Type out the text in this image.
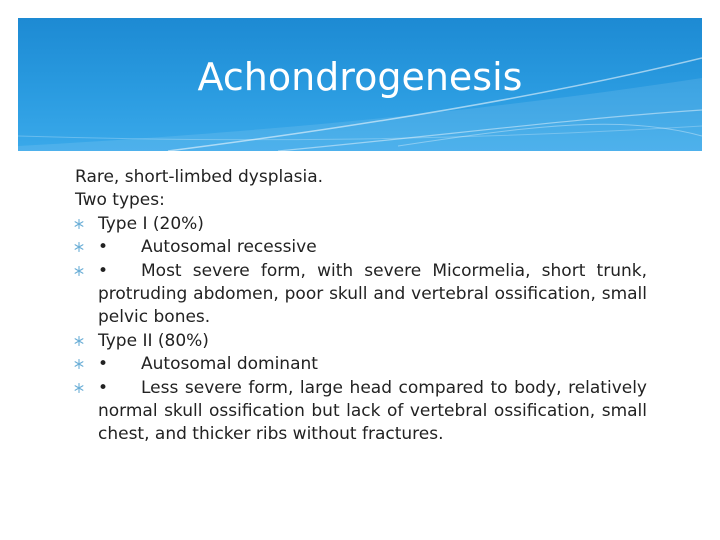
Achondrogenesis
Rare, short-limbed dysplasia.
Two types:
Type I (20%)
• Autosomal recessive
• Most severe form, with severe Micormelia, short trunk, protruding abdomen, poor skull and vertebral ossification, small pelvic bones.
Type II (80%)
• Autosomal dominant
• Less severe form, large head compared to body, relatively normal skull ossification but lack of vertebral ossification, small chest, and thicker ribs without fractures.
